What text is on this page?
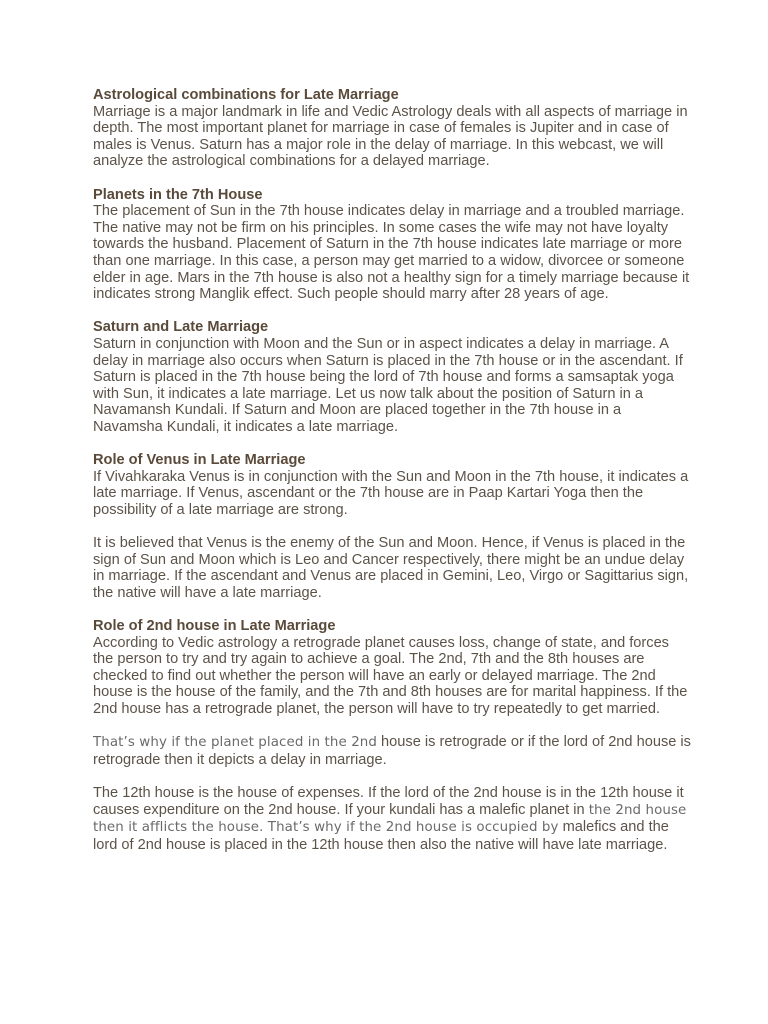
Astrological combinations for Late Marriage
Marriage is a major landmark in life and Vedic Astrology deals with all aspects of marriage in depth. The most important planet for marriage in case of females is Jupiter and in case of males is Venus. Saturn has a major role in the delay of marriage. In this webcast, we will analyze the astrological combinations for a delayed marriage.
Planets in the 7th House
The placement of Sun in the 7th house indicates delay in marriage and a troubled marriage. The native may not be firm on his principles. In some cases the wife may not have loyalty towards the husband. Placement of Saturn in the 7th house indicates late marriage or more than one marriage. In this case, a person may get married to a widow, divorcee or someone elder in age. Mars in the 7th house is also not a healthy sign for a timely marriage because it indicates strong Manglik effect. Such people should marry after 28 years of age.
Saturn and Late Marriage
Saturn in conjunction with Moon and the Sun or in aspect indicates a delay in marriage. A delay in marriage also occurs when Saturn is placed in the 7th house or in the ascendant. If Saturn is placed in the 7th house being the lord of 7th house and forms a samsaptak yoga with Sun, it indicates a late marriage. Let us now talk about the position of Saturn in a Navamansh Kundali. If Saturn and Moon are placed together in the 7th house in a Navamsha Kundali, it indicates a late marriage.
Role of Venus in Late Marriage
If Vivahkaraka Venus is in conjunction with the Sun and Moon in the 7th house, it indicates a late marriage. If Venus, ascendant or the 7th house are in Paap Kartari Yoga then the possibility of a late marriage are strong.
It is believed that Venus is the enemy of the Sun and Moon. Hence, if Venus is placed in the sign of Sun and Moon which is Leo and Cancer respectively, there might be an undue delay in marriage. If the ascendant and Venus are placed in Gemini, Leo, Virgo or Sagittarius sign, the native will have a late marriage.
Role of 2nd house in Late Marriage
According to Vedic astrology a retrograde planet causes loss, change of state, and forces the person to try and try again to achieve a goal. The 2nd, 7th and the 8th houses are checked to find out whether the person will have an early or delayed marriage. The 2nd house is the house of the family, and the 7th and 8th houses are for marital happiness. If the 2nd house has a retrograde planet, the person will have to try repeatedly to get married.
That’s why if the planet placed in the 2nd house is retrograde or if the lord of 2nd house is retrograde then it depicts a delay in marriage.
The 12th house is the house of expenses. If the lord of the 2nd house is in the 12th house it causes expenditure on the 2nd house. If your kundali has a malefic planet in the 2nd house then it afflicts the house. That’s why if the 2nd house is occupied by malefics and the lord of 2nd house is placed in the 12th house then also the native will have late marriage.
